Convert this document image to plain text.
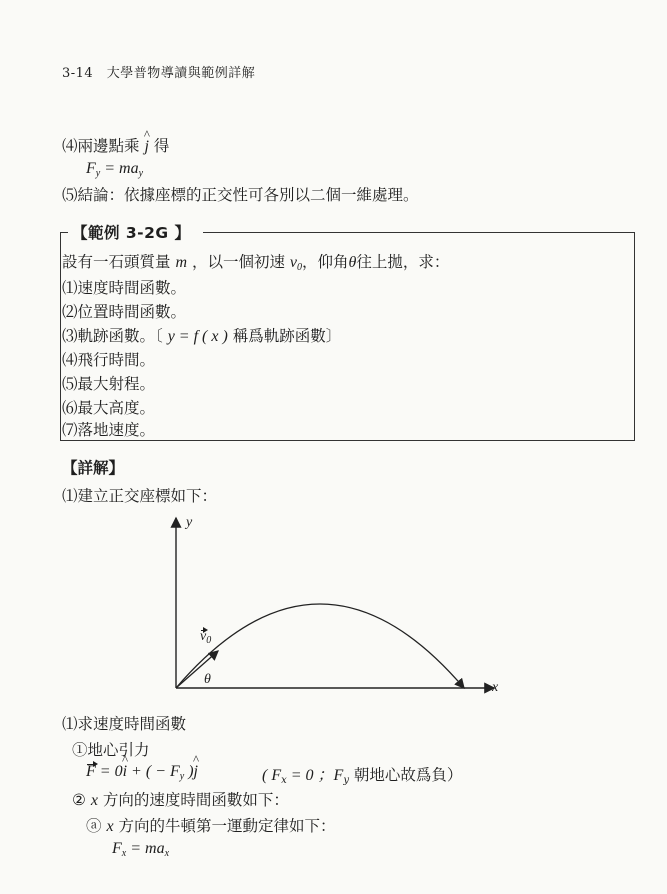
3-14　大學普物導讀與範例詳解
⑷兩邊點乘 ^ j 得
$F_y = ma_y$
⑸結論：依據座標的正交性可各別以二個一維處理。
【範例 3-2G 】
設有一石頭質量 m ，以一個初速 $v_0$，仰角θ往上拋，求：
⑴速度時間函數。
⑵位置時間函數。
⑶軌跡函數。〔 y = f ( x ) 稱爲軌跡函數〕
⑷飛行時間。
⑸最大射程。
⑹最大高度。
⑺落地速度。
【詳解】
⑴建立正交座標如下：
y
x
$v_0$
θ
⑴求速度時間函數
①地心引力
F = 0^ i + ( − $F_y$ )^ j	( $F_x = 0$ ；$F_y$ 朝地心故爲負）
② x 方向的速度時間函數如下：
ⓐ x 方向的牛頓第一運動定律如下：
$F_x = ma_x$
